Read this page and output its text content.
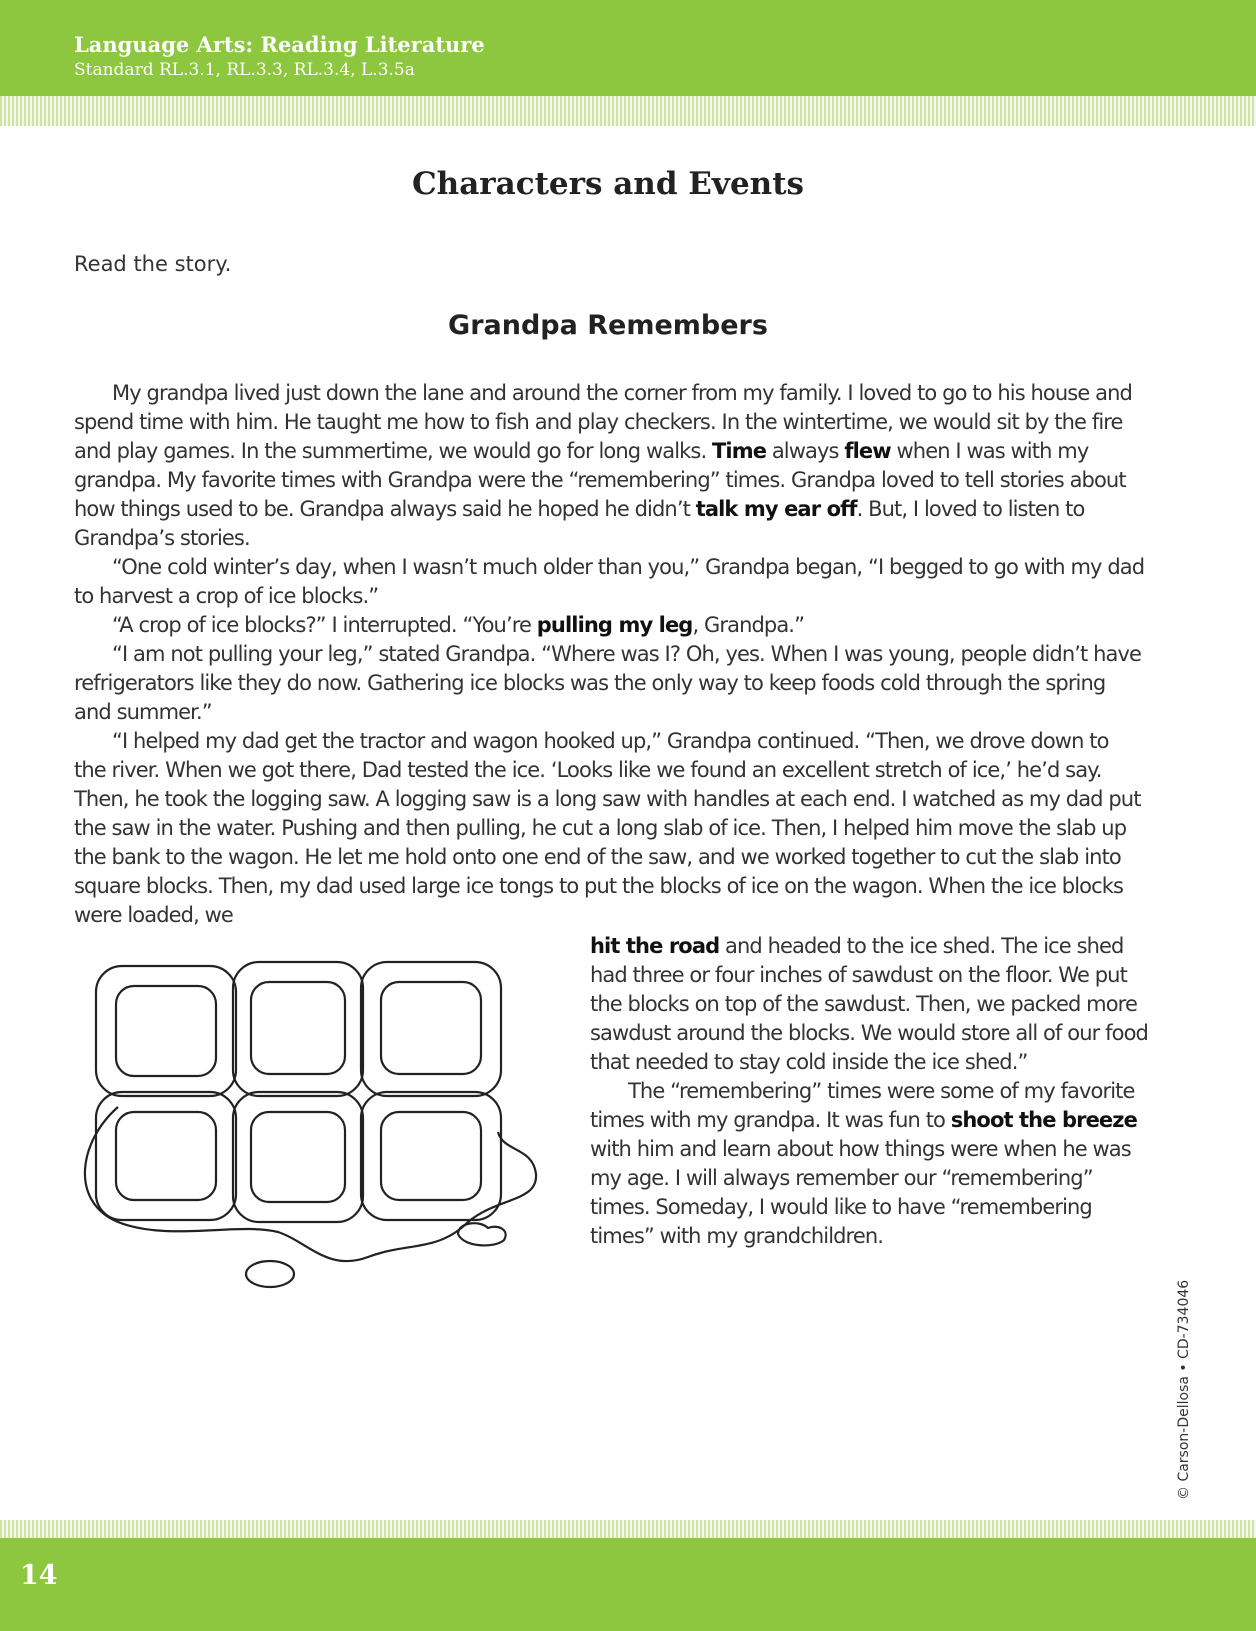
Language Arts: Reading Literature
Standard RL.3.1, RL.3.3, RL.3.4, L.3.5a
Characters and Events
Read the story.
Grandpa Remembers

My grandpa lived just down the lane and around the corner from my family. I loved to go to his house and spend time with him. He taught me how to fish and play checkers. In the wintertime, we would sit by the fire and play games. In the summertime, we would go for long walks. Time always flew when I was with my grandpa. My favorite times with Grandpa were the “remembering” times. Grandpa loved to tell stories about how things used to be. Grandpa always said he hoped he didn’t talk my ear off. But, I loved to listen to Grandpa’s stories.

“One cold winter’s day, when I wasn’t much older than you,” Grandpa began, “I begged to go with my dad to harvest a crop of ice blocks.”

“A crop of ice blocks?” I interrupted. “You’re pulling my leg, Grandpa.”

“I am not pulling your leg,” stated Grandpa. “Where was I? Oh, yes. When I was young, people didn’t have refrigerators like they do now. Gathering ice blocks was the only way to keep foods cold through the spring and summer.”

“I helped my dad get the tractor and wagon hooked up,” Grandpa continued. “Then, we drove down to the river. When we got there, Dad tested the ice. ‘Looks like we found an excellent stretch of ice,’ he’d say. Then, he took the logging saw. A logging saw is a long saw with handles at each end. I watched as my dad put the saw in the water. Pushing and then pulling, he cut a long slab of ice. Then, I helped him move the slab up the bank to the wagon. He let me hold onto one end of the saw, and we worked together to cut the slab into square blocks. Then, my dad used large ice tongs to put the blocks of ice on the wagon. When the ice blocks were loaded, we

hit the road and headed to the ice shed. The ice shed had three or four inches of sawdust on the floor. We put the blocks on top of the sawdust. Then, we packed more sawdust around the blocks. We would store all of our food that needed to stay cold inside the ice shed.”

The “remembering” times were some of my favorite times with my grandpa. It was fun to shoot the breeze with him and learn about how things were when he was my age. I will always remember our “remembering” times. Someday, I would like to have “remembering times” with my grandchildren.

© Carson-Dellosa • CD-734046
14
